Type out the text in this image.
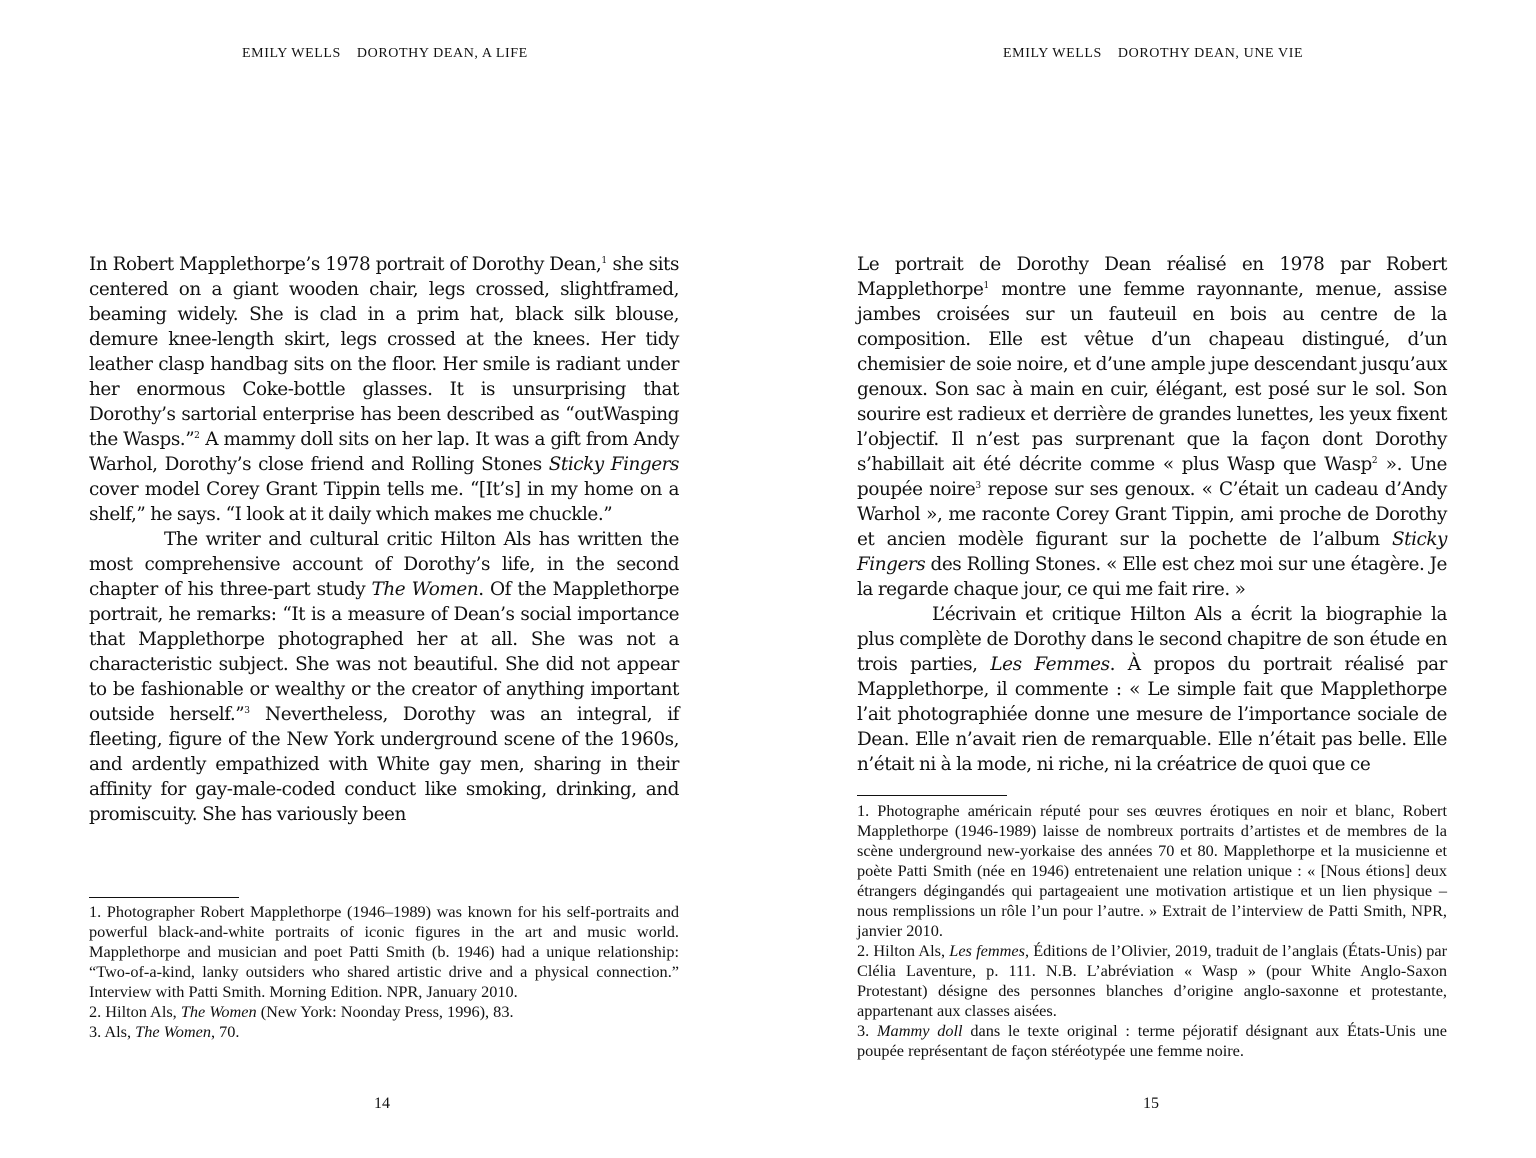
EMILY WELLS DOROTHY DEAN, A LIFE

In Robert Mapplethorpe’s 1978 portrait of Dorothy Dean,$^1$ she sits centered on a giant wooden chair, legs crossed, slightframed, beaming widely. She is clad in a prim hat, black silk blouse, demure knee-length skirt, legs crossed at the knees. Her tidy leather clasp handbag sits on the floor. Her smile is radiant under her enormous Coke-bottle glasses. It is unsurprising that Dorothy’s sartorial enterprise has been described as “outWasping the Wasps.”$^2$ A mammy doll sits on her lap. It was a gift from Andy Warhol, Dorothy’s close friend and Rolling Stones Sticky Fingers cover model Corey Grant Tippin tells me. “[It’s] in my home on a shelf,” he says. “I look at it daily which makes me chuckle.”

The writer and cultural critic Hilton Als has written the most comprehensive account of Dorothy’s life, in the second chapter of his three-part study The Women. Of the Mapplethorpe portrait, he remarks: “It is a measure of Dean’s social importance that Mapplethorpe photographed her at all. She was not a characteristic subject. She was not beautiful. She did not appear to be fashionable or wealthy or the creator of anything important outside herself.”$^3$ Nevertheless, Dorothy was an integral, if fleeting, figure of the New York underground scene of the 1960s, and ardently empathized with White gay men, sharing in their affinity for gay-male-coded conduct like smoking, drinking, and promiscuity. She has variously been

1. Photographer Robert Mapplethorpe (1946–1989) was known for his self-portraits and powerful black-and-white portraits of iconic figures in the art and music world. Mapplethorpe and musician and poet Patti Smith (b. 1946) had a unique relationship: “Two-of-a-kind, lanky outsiders who shared artistic drive and a physical connection.” Interview with Patti Smith. Morning Edition. NPR, January 2010.

2. Hilton Als, The Women (New York: Noonday Press, 1996), 83.

3. Als, The Women, 70.

14
EMILY WELLS DOROTHY DEAN, UNE VIE

Le portrait de Dorothy Dean réalisé en 1978 par Robert Mapplethorpe$^1$ montre une femme rayonnante, menue, assise jambes croisées sur un fauteuil en bois au centre de la composition. Elle est vêtue d’un chapeau distingué, d’un chemisier de soie noire, et d’une ample jupe descendant jusqu’aux genoux. Son sac à main en cuir, élégant, est posé sur le sol. Son sourire est radieux et derrière de grandes lunettes, les yeux fixent l’objectif. Il n’est pas surprenant que la façon dont Dorothy s’habillait ait été décrite comme « plus Wasp que Wasp$^2$ ». Une poupée noire$^3$ repose sur ses genoux. « C’était un cadeau d’Andy Warhol », me raconte Corey Grant Tippin, ami proche de Dorothy et ancien modèle figurant sur la pochette de l’album Sticky Fingers des Rolling Stones. « Elle est chez moi sur une étagère. Je la regarde chaque jour, ce qui me fait rire. »

L’écrivain et critique Hilton Als a écrit la biographie la plus complète de Dorothy dans le second chapitre de son étude en trois parties, Les Femmes. À propos du portrait réalisé par Mapplethorpe, il commente : « Le simple fait que Mapplethorpe l’ait photographiée donne une mesure de l’importance sociale de Dean. Elle n’avait rien de remarquable. Elle n’était pas belle. Elle n’était ni à la mode, ni riche, ni la créatrice de quoi que ce

1. Photographe américain réputé pour ses œuvres érotiques en noir et blanc, Robert Mapplethorpe (1946-1989) laisse de nombreux portraits d’artistes et de membres de la scène underground new-yorkaise des années 70 et 80. Mapplethorpe et la musicienne et poète Patti Smith (née en 1946) entretenaient une relation unique : « [Nous étions] deux étrangers dégingandés qui partageaient une motivation artistique et un lien physique – nous remplissions un rôle l’un pour l’autre. » Extrait de l’interview de Patti Smith, NPR, janvier 2010.

2. Hilton Als, Les femmes, Éditions de l’Olivier, 2019, traduit de l’anglais (États-Unis) par Clélia Laventure, p. 111. N.B. L’abréviation « Wasp » (pour White Anglo-Saxon Protestant) désigne des personnes blanches d’origine anglo-saxonne et protestante, appartenant aux classes aisées.

3. Mammy doll dans le texte original : terme péjoratif désignant aux États-Unis une poupée représentant de façon stéréotypée une femme noire.

15
